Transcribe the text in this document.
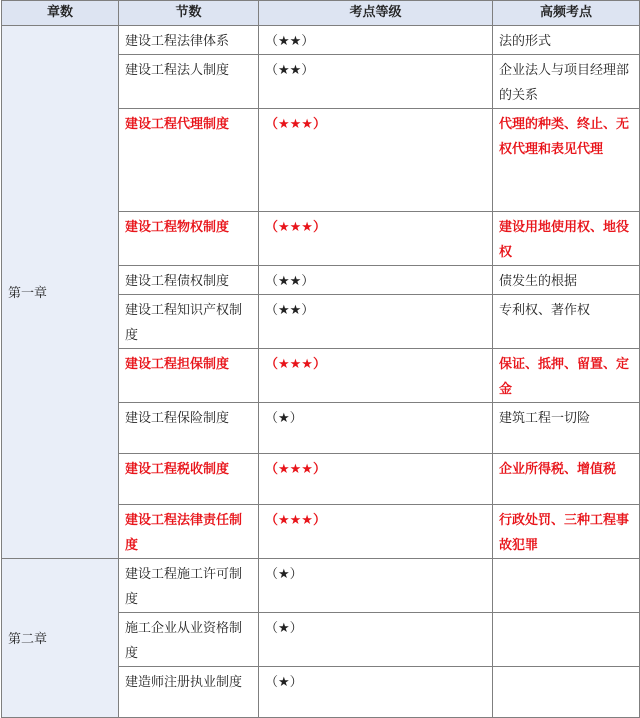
章数	节数	考点等级	高频考点
第一章	建设工程法律体系	（★★）	法的形式
	建设工程法人制度	（★★）	企业法人与项目经理部的关系
	建设工程代理制度	（★★★）	代理的种类、终止、无权代理和表见代理
	建设工程物权制度	（★★★）	建设用地使用权、地役权
	建设工程债权制度	（★★）	债发生的根据
	建设工程知识产权制度	（★★）	专利权、著作权
	建设工程担保制度	（★★★）	保证、抵押、留置、定金
	建设工程保险制度	（★）	建筑工程一切险
	建设工程税收制度	（★★★）	企业所得税、增值税
	建设工程法律责任制度	（★★★）	行政处罚、三种工程事故犯罪
第二章	建设工程施工许可制度	（★）	
	施工企业从业资格制度	（★）	
	建造师注册执业制度	（★）	
